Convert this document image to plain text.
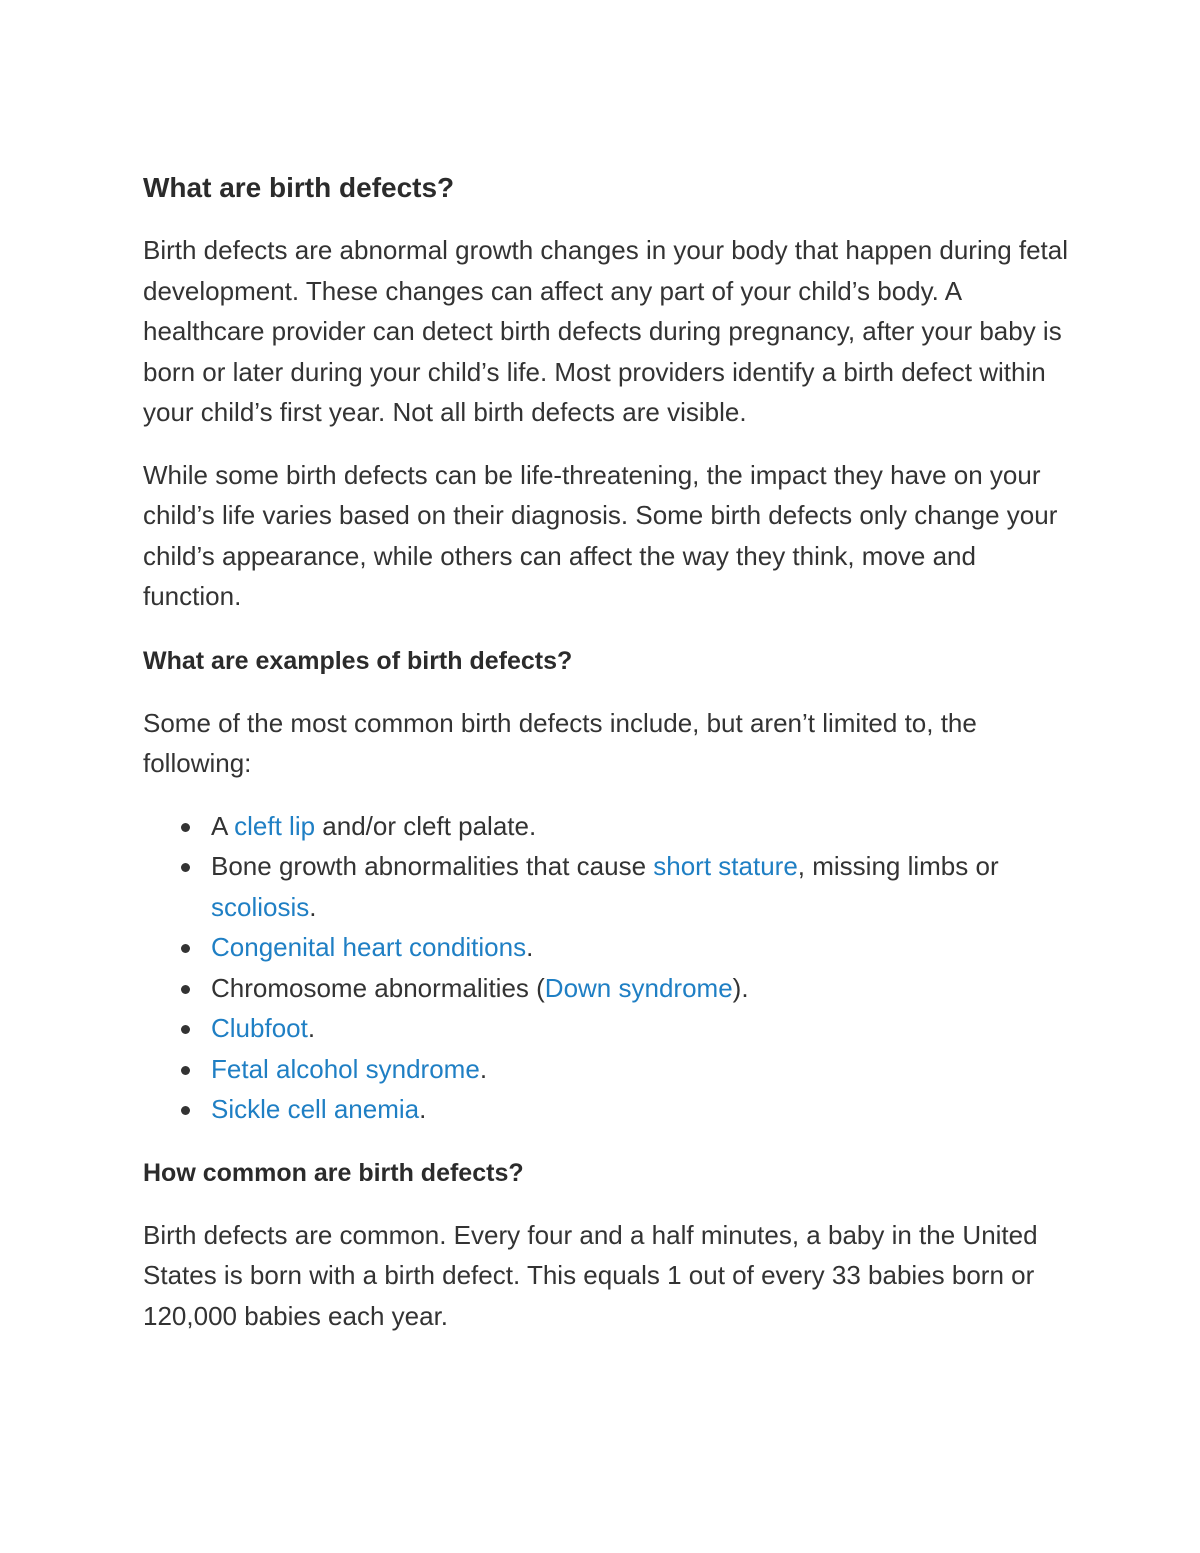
What are birth defects?

Birth defects are abnormal growth changes in your body that happen during fetal development. These changes can affect any part of your child’s body. A healthcare provider can detect birth defects during pregnancy, after your baby is born or later during your child’s life. Most providers identify a birth defect within your child’s first year. Not all birth defects are visible.

While some birth defects can be life-threatening, the impact they have on your child’s life varies based on their diagnosis. Some birth defects only change your child’s appearance, while others can affect the way they think, move and function.

What are examples of birth defects?

Some of the most common birth defects include, but aren’t limited to, the following:

A cleft lip and/or cleft palate.
Bone growth abnormalities that cause short stature, missing limbs or scoliosis.
Congenital heart conditions.
Chromosome abnormalities (Down syndrome).
Clubfoot.
Fetal alcohol syndrome.
Sickle cell anemia.
How common are birth defects?

Birth defects are common. Every four and a half minutes, a baby in the United States is born with a birth defect. This equals 1 out of every 33 babies born or 120,000 babies each year.
